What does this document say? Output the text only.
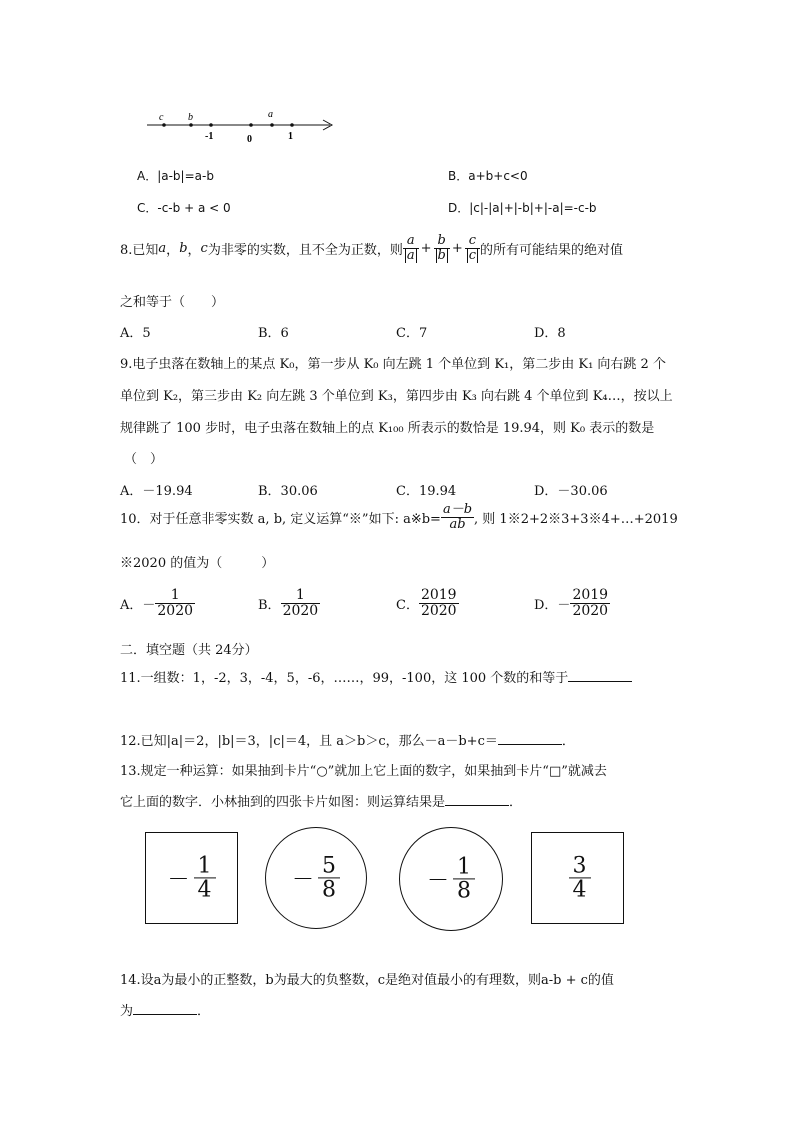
c b	a
-1	0	1
A．|a-b|=a-b	B．a+b+c<0
C．-c-b + a < 0	D．|c|-|a|+|-b|+|-a|=-c-b
8.已知 a ， b ， c 为非零的实数，且不全为正数，则 $\frac{a}{a} + \frac{b}{b} + \frac{c}{c}$ 的所有可能结果的绝对值
之和等于（　　）
A．5	B．6	C．7	D．8
9.电子虫落在数轴上的某点 K₀，第一步从 K₀ 向左跳 1 个单位到 K₁，第二步由 K₁ 向右跳 2 个
单位到 K₂，第三步由 K₂ 向左跳 3 个单位到 K₃，第四步由 K₃ 向右跳 4 个单位到 K₄…，按以上
规律跳了 100 步时，电子虫落在数轴上的点 K₁₀₀ 所表示的数恰是 19.94，则 K₀ 表示的数是
（　）
A．－19.94	B．30.06	C．19.94	D．－30.06
10．对于任意非零实数 a, b, 定义运算“※”如下: a※b= $\frac{a-b}{ab}$ , 则 1※2+2※3+3※4+…+2019
※2020 的值为（　　　）
A．－ $\frac{1}{2020}$	B． $\frac{1}{2020}$	C． $\frac{2019}{2020}$	D．－ $\frac{2019}{2020}$
二．填空题（共 24分）
11.一组数：1，-2，3，-4，5，-6，……，99，-100，这 100 个数的和等于
12.已知|a|＝2，|b|＝3，|c|＝4，且 a＞b＞c，那么－a－b+c＝	．
13.规定一种运算：如果抽到卡片“○”就加上它上面的数字，如果抽到卡片“□”就减去
它上面的数字．小林抽到的四张卡片如图：则运算结果是	．
－ $\frac{1}{4}$	－ $\frac{5}{8}$	－ $\frac{1}{8}$	$\frac{3}{4}$
14.设a为最小的正整数，b为最大的负整数，c是绝对值最小的有理数，则a-b + c的值
为	．
